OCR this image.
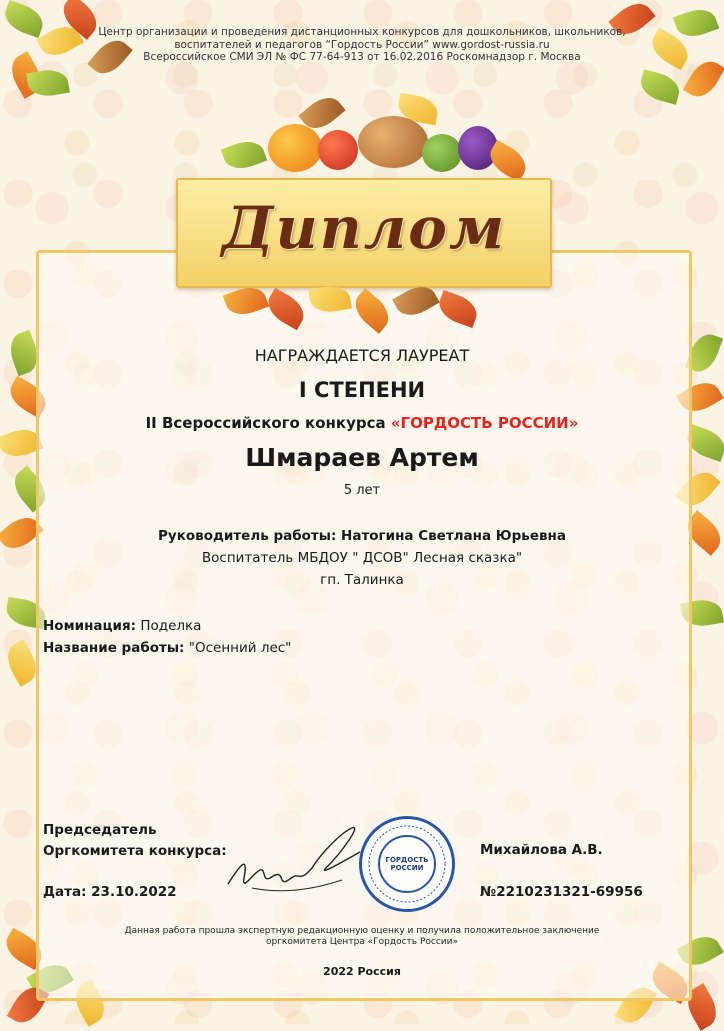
Центр организации и проведения дистанционных конкурсов для дошкольников, школьников,
воспитателей и педагогов “Гордость России” www.gordost-russia.ru
Всероссийское СМИ ЭЛ № ФС 77-64-913 от 16.02.2016 Роскомнадзор г. Москва
Диплом
НАГРАЖДАЕТСЯ ЛАУРЕАТ
I СТЕПЕНИ
II Всероссийского конкурса «ГОРДОСТЬ РОССИИ»
Шмараев Артем
5 лет
Руководитель работы: Натогина Светлана Юрьевна
Воспитатель МБДОУ " ДСОВ" Лесная сказка"
гп. Талинка
Номинация: Поделка
Название работы: "Осенний лес"
Председатель
Оргкомитета конкурса:
ГОРДОСТЬ
РОССИИ
Михайлова А.В.
Дата: 23.10.2022	№2210231321-69956
Данная работа прошла экспертную редакционную оценку и получила положительное заключение
оргкомитета Центра «Гордость России»
2022 Россия
